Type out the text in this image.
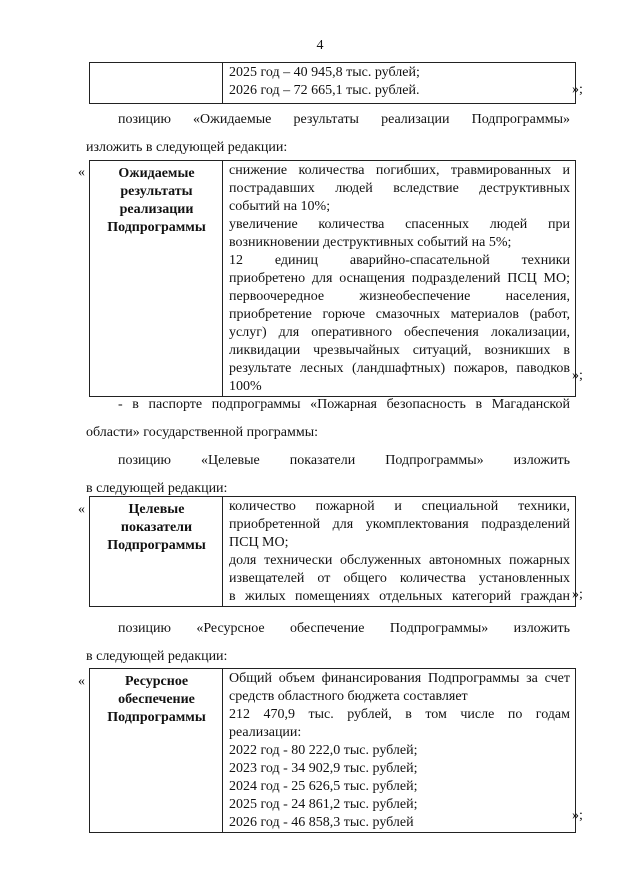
4

2025 год – 40 945,8 тыс. рублей;
2026 год – 72 665,1 тыс. рублей.	»;
позицию «Ожидаемые результаты реализации Подпрограммы»
изложить в следующей редакции:
« Ожидаемые результаты реализации Подпрограммы	
снижение количества погибших, травмированных и
пострадавших людей вследствие деструктивных
событий на 10%;
увеличение количества спасенных людей при
возникновении деструктивных событий на 5%;
12 единиц аварийно-спасательной техники
приобретено для оснащения подразделений ПСЦ МО;
первоочередное жизнеобеспечение населения,
приобретение горюче смазочных материалов (работ,
услуг) для оперативного обеспечения локализации,
ликвидации чрезвычайных ситуаций, возникших в
результате лесных (ландшафтных) пожаров, паводков
100%
»;
- в паспорте подпрограммы «Пожарная безопасность в Магаданской
области» государственной программы:
позицию «Целевые показатели Подпрограммы» изложить
в следующей редакции:
«	Целевые показатели Подпрограммы	
количество пожарной и специальной техники,
приобретенной для укомплектования подразделений
ПСЦ МО;
доля технически обслуженных автономных пожарных
извещателей от общего количества установленных
в жилых помещениях отдельных категорий граждан »;
позицию «Ресурсное обеспечение Подпрограммы» изложить
в следующей редакции:
«	Ресурсное обеспечение Подпрограммы	
Общий объем финансирования Подпрограммы за счет
средств областного бюджета составляет
212 470,9 тыс. рублей, в том числе по годам
реализации:
2022 год - 80 222,0 тыс. рублей;
2023 год - 34 902,9 тыс. рублей;
2024 год - 25 626,5 тыс. рублей;
2025 год - 24 861,2 тыс. рублей;
2026 год - 46 858,3 тыс. рублей	»;
